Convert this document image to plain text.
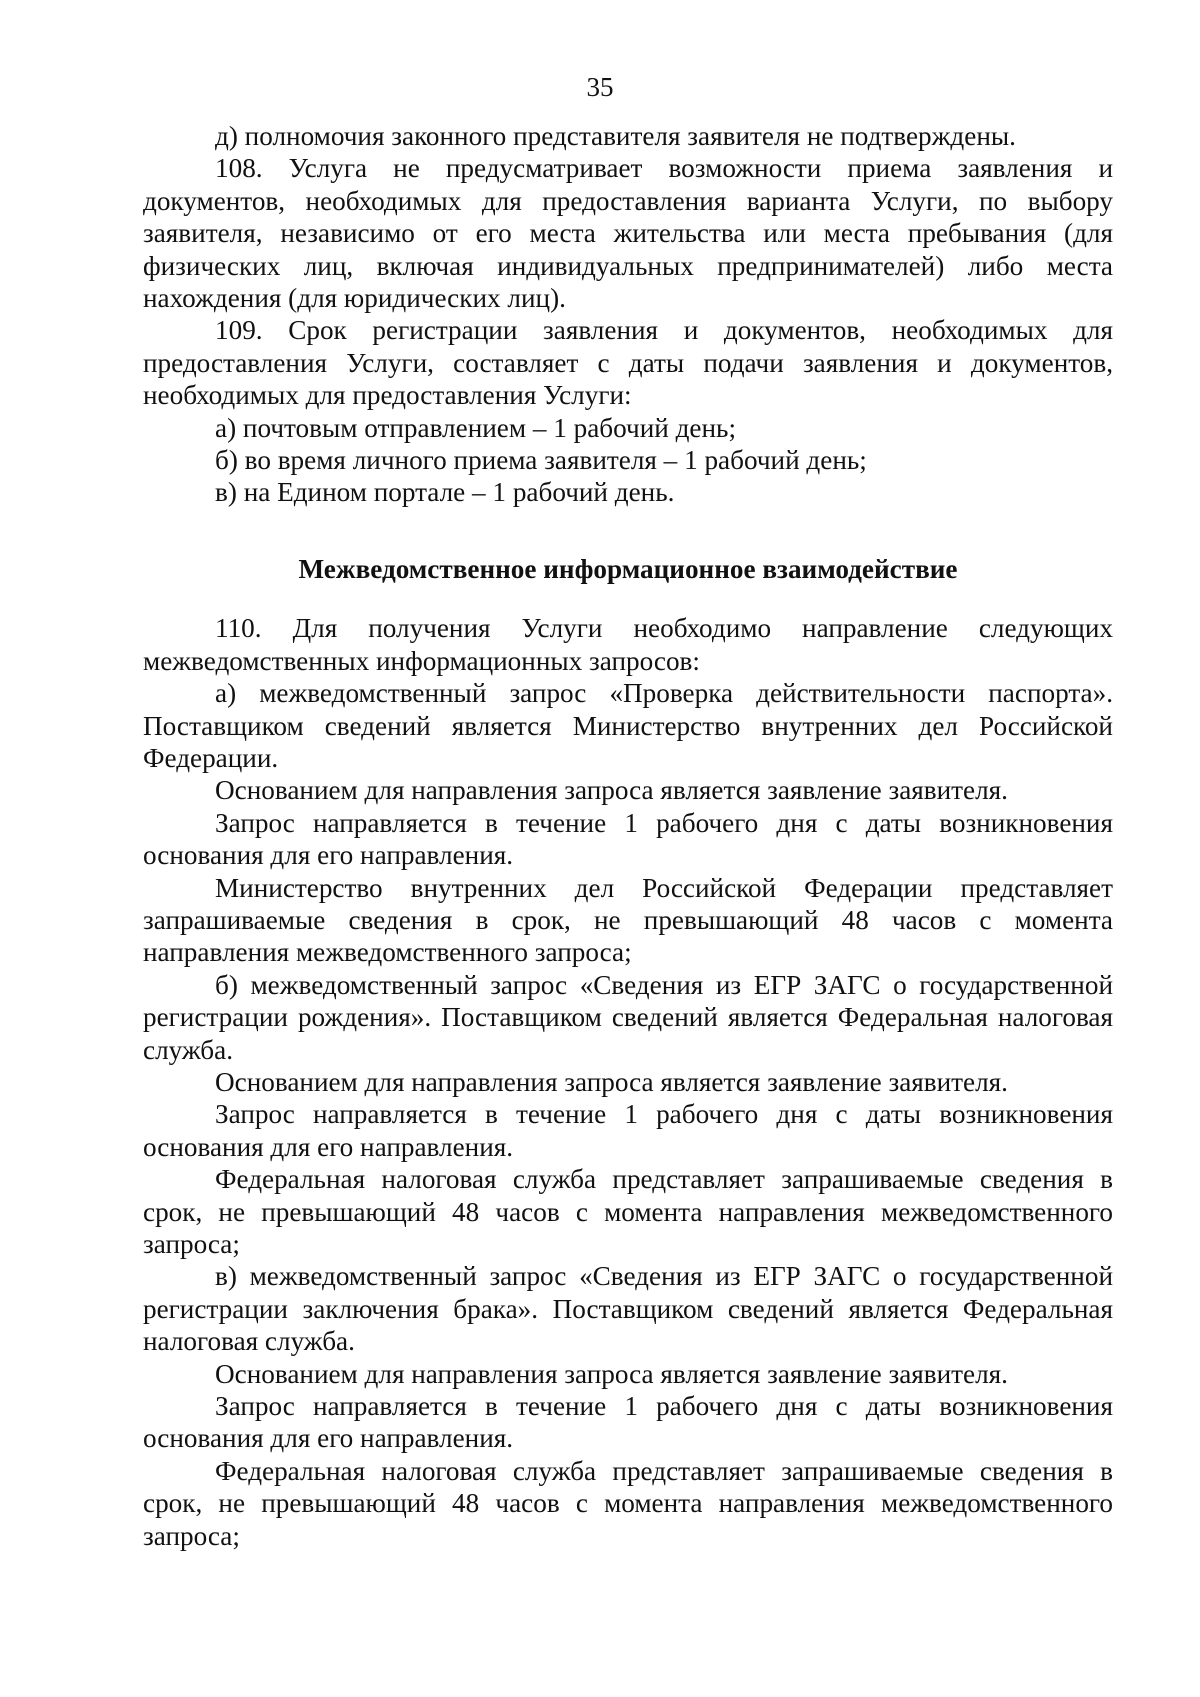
35

д) полномочия законного представителя заявителя не подтверждены.

108. Услуга не предусматривает возможности приема заявления и документов, необходимых для предоставления варианта Услуги, по выбору заявителя, независимо от его места жительства или места пребывания (для физических лиц, включая индивидуальных предпринимателей) либо места нахождения (для юридических лиц).

109. Срок регистрации заявления и документов, необходимых для предоставления Услуги, составляет с даты подачи заявления и документов, необходимых для предоставления Услуги:

а) почтовым отправлением – 1 рабочий день;

б) во время личного приема заявителя – 1 рабочий день;

в) на Едином портале – 1 рабочий день.

Межведомственное информационное взаимодействие

110. Для получения Услуги необходимо направление следующих межведомственных информационных запросов:

а) межведомственный запрос «Проверка действительности паспорта». Поставщиком сведений является Министерство внутренних дел Российской Федерации.

Основанием для направления запроса является заявление заявителя.

Запрос направляется в течение 1 рабочего дня с даты возникновения основания для его направления.

Министерство внутренних дел Российской Федерации представляет запрашиваемые сведения в срок, не превышающий 48 часов с момента направления межведомственного запроса;

б) межведомственный запрос «Сведения из ЕГР ЗАГС о государственной регистрации рождения». Поставщиком сведений является Федеральная налоговая служба.

Основанием для направления запроса является заявление заявителя.

Запрос направляется в течение 1 рабочего дня с даты возникновения основания для его направления.

Федеральная налоговая служба представляет запрашиваемые сведения в срок, не превышающий 48 часов с момента направления межведомственного запроса;

в) межведомственный запрос «Сведения из ЕГР ЗАГС о государственной регистрации заключения брака». Поставщиком сведений является Федеральная налоговая служба.

Основанием для направления запроса является заявление заявителя.

Запрос направляется в течение 1 рабочего дня с даты возникновения основания для его направления.

Федеральная налоговая служба представляет запрашиваемые сведения в срок, не превышающий 48 часов с момента направления межведомственного запроса;
